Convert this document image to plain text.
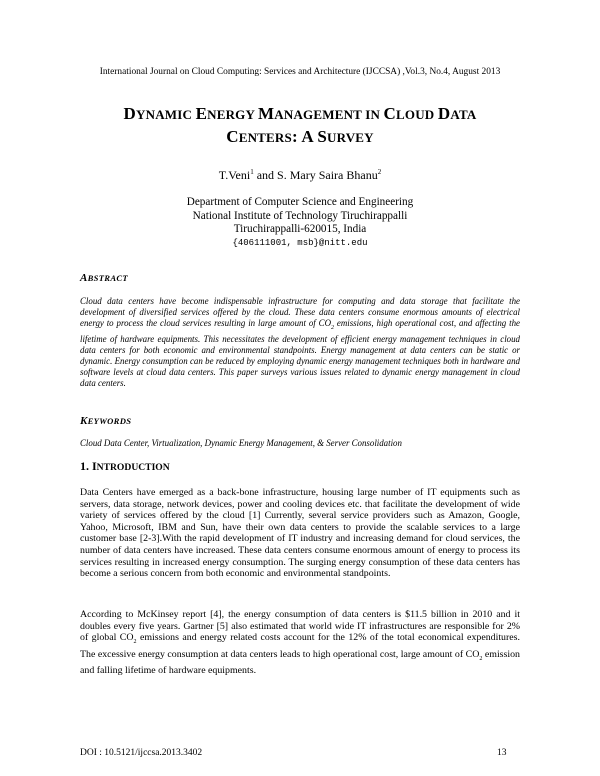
International Journal on Cloud Computing: Services and Architecture (IJCCSA) ,Vol.3, No.4, August 2013
DYNAMIC ENERGY MANAGEMENT IN CLOUD DATA
CENTERS: A SURVEY
T.Veni$^1$ and S. Mary Saira Bhanu$^2$
Department of Computer Science and Engineering
National Institute of Technology Tiruchirappalli
Tiruchirappalli-620015, India
{406111001, msb}@nitt.edu
ABSTRACT
Cloud data centers have become indispensable infrastructure for computing and data storage that facilitate the development of diversified services offered by the cloud. These data centers consume enormous amounts of electrical energy to process the cloud services resulting in large amount of $CO_2$ emissions, high operational cost, and affecting the lifetime of hardware equipments. This necessitates the development of efficient energy management techniques in cloud data centers for both economic and environmental standpoints. Energy management at data centers can be static or dynamic. Energy consumption can be reduced by employing dynamic energy management techniques both in hardware and software levels at cloud data centers. This paper surveys various issues related to dynamic energy management in cloud data centers.
KEYWORDS
Cloud Data Center, Virtualization, Dynamic Energy Management, & Server Consolidation
1. INTRODUCTION
Data Centers have emerged as a back-bone infrastructure, housing large number of IT equipments such as servers, data storage, network devices, power and cooling devices etc. that facilitate the development of wide variety of services offered by the cloud [1] Currently, several service providers such as Amazon, Google, Yahoo, Microsoft, IBM and Sun, have their own data centers to provide the scalable services to a large customer base [2-3].With the rapid development of IT industry and increasing demand for cloud services, the number of data centers have increased. These data centers consume enormous amount of energy to process its services resulting in increased energy consumption. The surging energy consumption of these data centers has become a serious concern from both economic and environmental standpoints.
According to McKinsey report [4], the energy consumption of data centers is $11.5 billion in 2010 and it doubles every five years. Gartner [5] also estimated that world wide IT infrastructures are responsible for 2% of global $CO_2$ emissions and energy related costs account for the 12% of the total economical expenditures. The excessive energy consumption at data centers leads to high operational cost, large amount of $CO_2$ emission and falling lifetime of hardware equipments.
DOI : 10.5121/ijccsa.2013.3402	13
